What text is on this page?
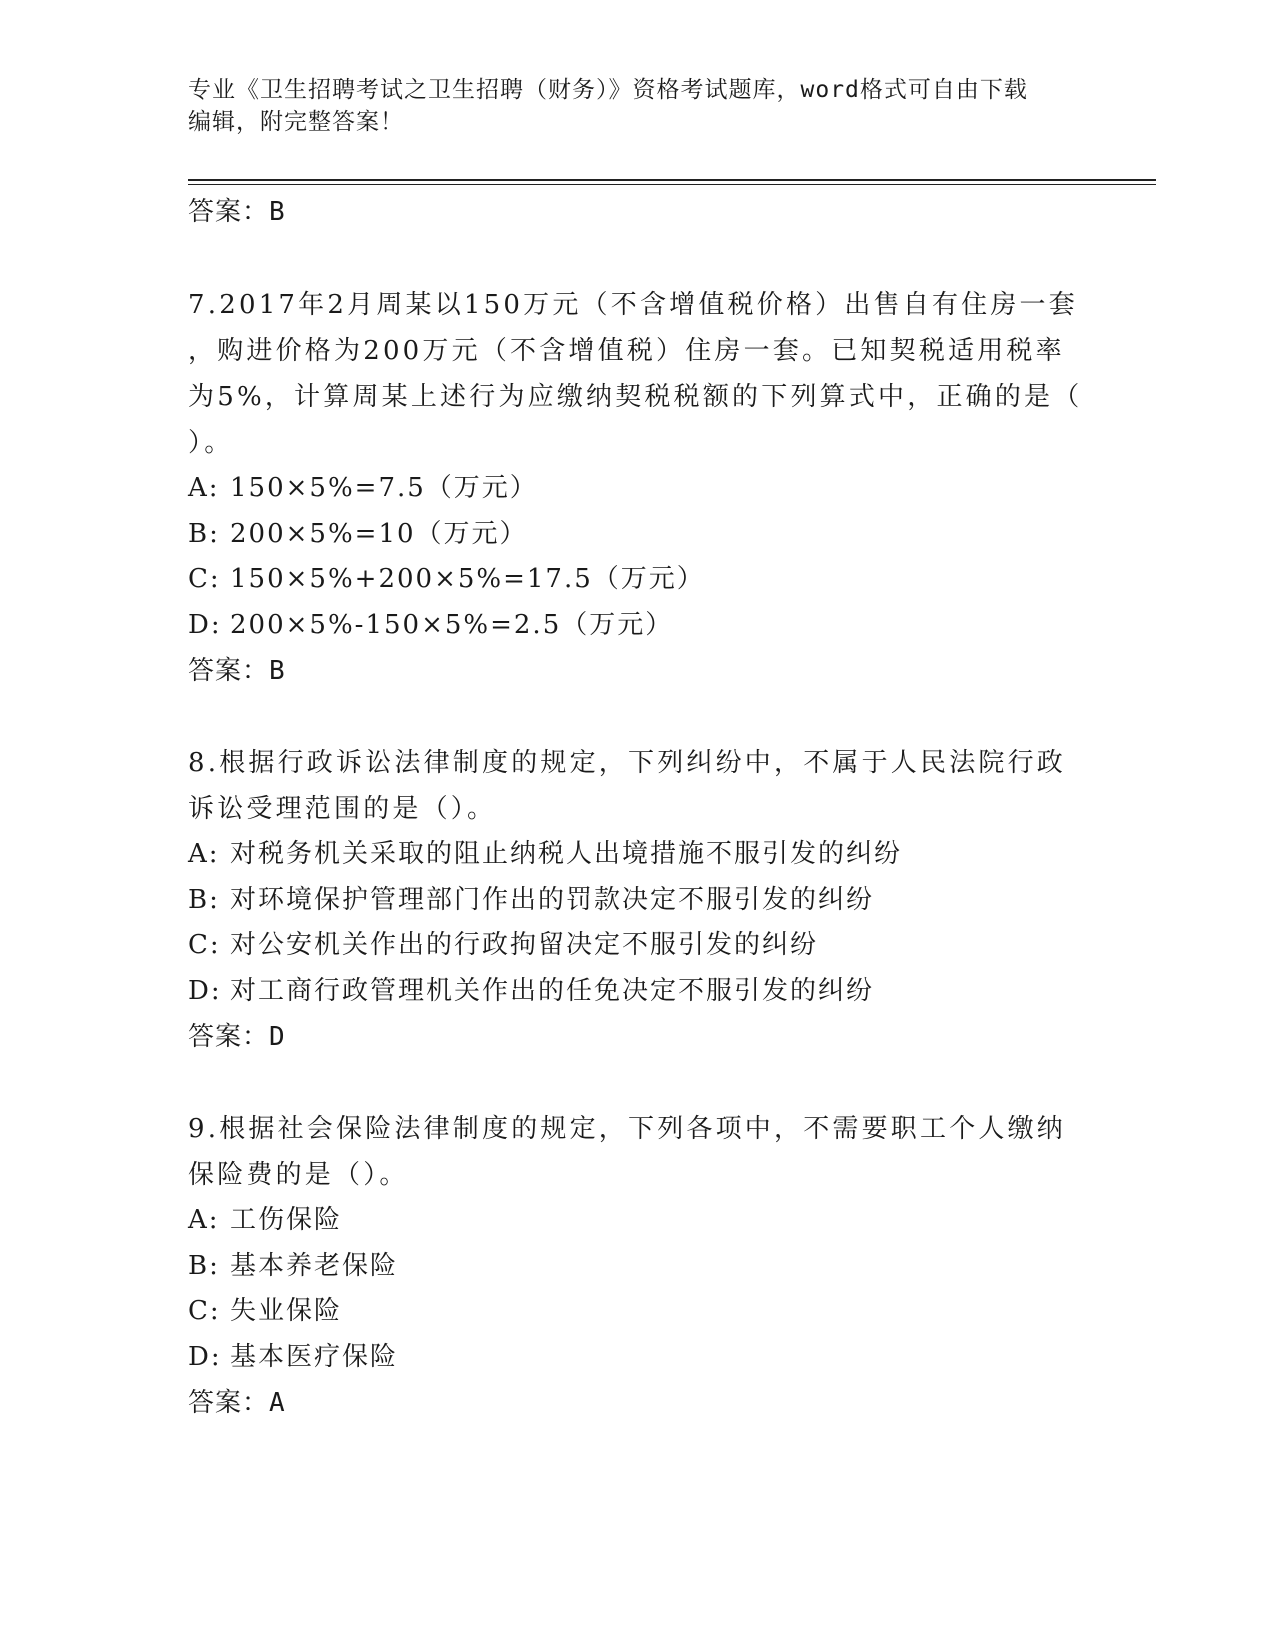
专业《卫生招聘考试之卫生招聘（财务）》资格考试题库，word格式可自由下载
编辑，附完整答案！
答案：B
7.2017年2月周某以150万元（不含增值税价格）出售自有住房一套
，购进价格为200万元（不含增值税）住房一套。已知契税适用税率
为5%，计算周某上述行为应缴纳契税税额的下列算式中，正确的是（
）。
A: 150×5%=7.5（万元）
B: 200×5%=10（万元）
C: 150×5%+200×5%=17.5（万元）
D: 200×5%-150×5%=2.5（万元）
答案：B
8.根据行政诉讼法律制度的规定，下列纠纷中，不属于人民法院行政
诉讼受理范围的是（）。
A: 对税务机关采取的阻止纳税人出境措施不服引发的纠纷
B: 对环境保护管理部门作出的罚款决定不服引发的纠纷
C: 对公安机关作出的行政拘留决定不服引发的纠纷
D: 对工商行政管理机关作出的任免决定不服引发的纠纷
答案：D
9.根据社会保险法律制度的规定，下列各项中，不需要职工个人缴纳
保险费的是（）。
A: 工伤保险
B: 基本养老保险
C: 失业保险
D: 基本医疗保险
答案：A
